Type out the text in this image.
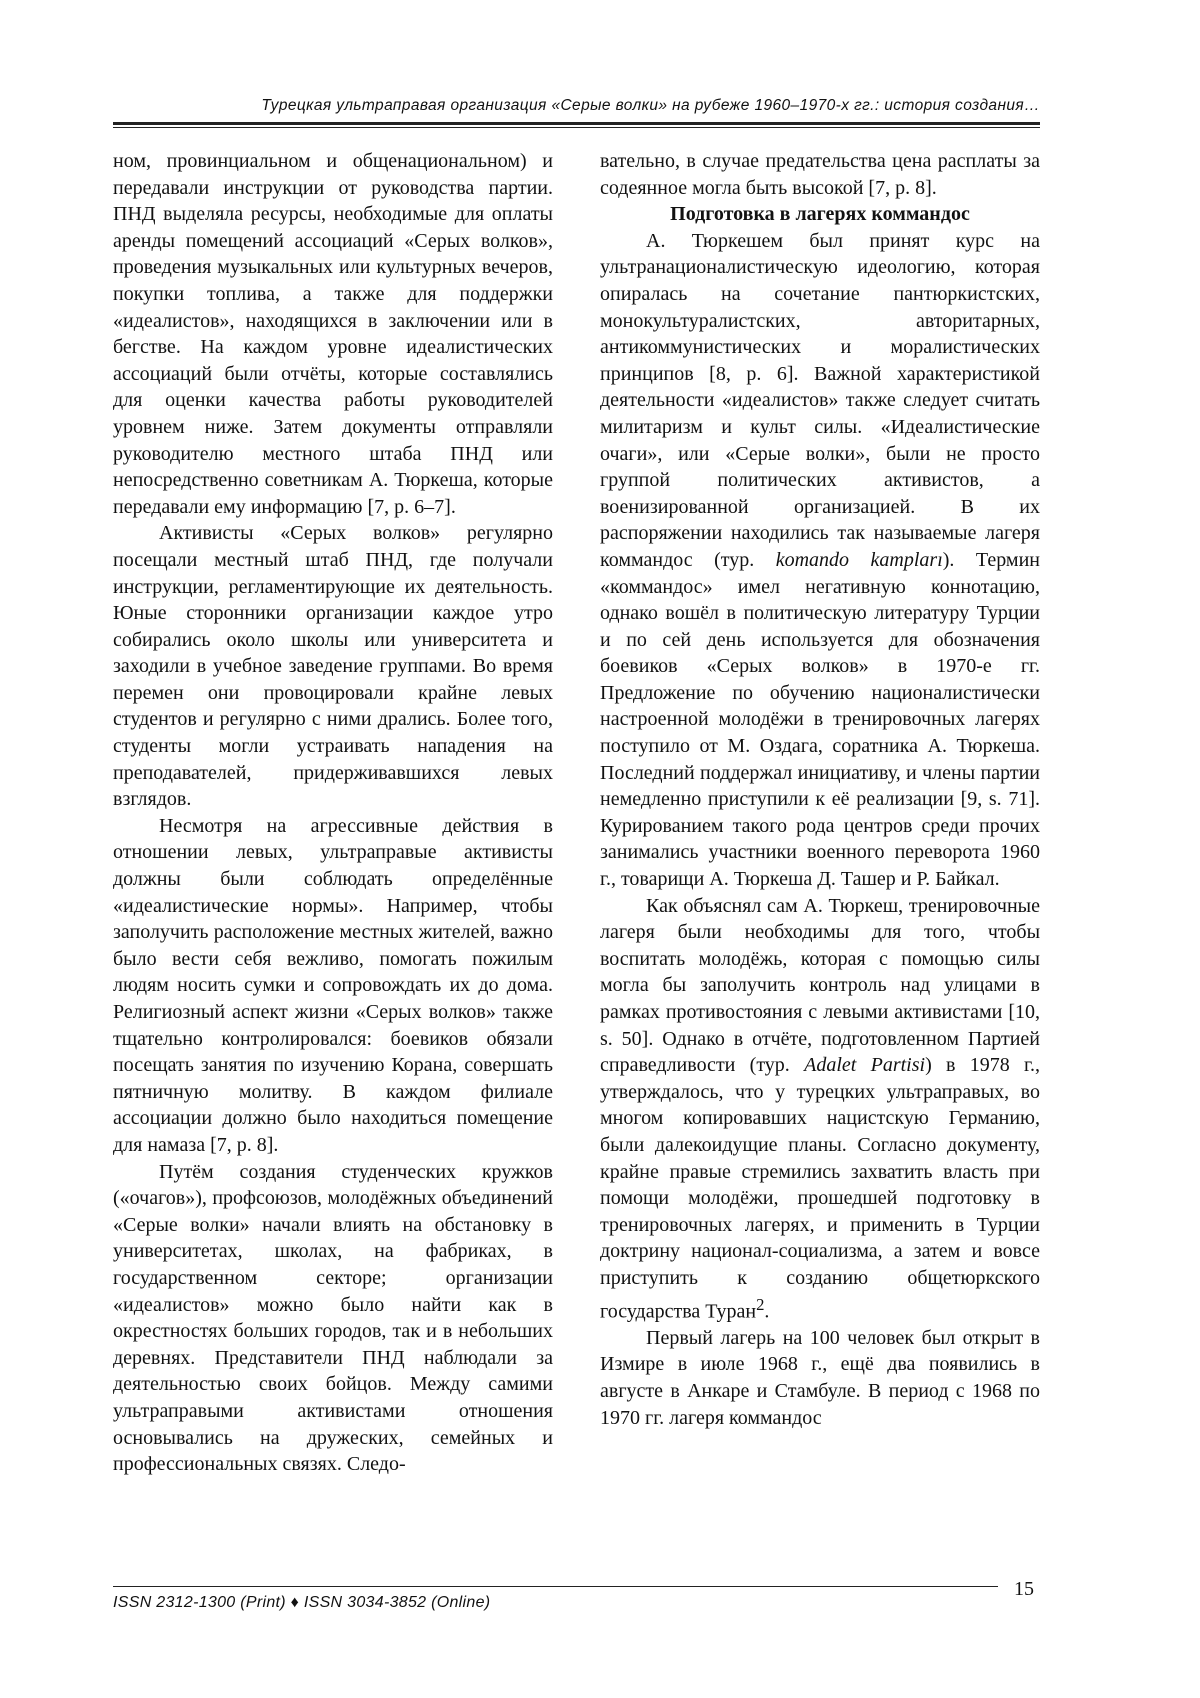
Турецкая ультраправая организация «Серые волки» на рубеже 1960–1970-х гг.: история создания…

ном, провинциальном и общенациональном) и передавали инструкции от руководства партии. ПНД выделяла ресурсы, необходимые для оплаты аренды помещений ассоциаций «Серых волков», проведения музыкальных или культурных вечеров, покупки топлива, а также для поддержки «идеалистов», находящихся в заключении или в бегстве. На каждом уровне идеалистических ассоциаций были отчёты, которые составлялись для оценки качества работы руководителей уровнем ниже. Затем документы отправляли руководителю местного штаба ПНД или непосредственно советникам А. Тюркеша, которые передавали ему информацию [7, p. 6–7].

Активисты «Серых волков» регулярно посещали местный штаб ПНД, где получали инструкции, регламентирующие их деятельность. Юные сторонники организации каждое утро собирались около школы или университета и заходили в учебное заведение группами. Во время перемен они провоцировали крайне левых студентов и регулярно с ними дрались. Более того, студенты могли устраивать нападения на преподавателей, придерживавшихся левых взглядов.

Несмотря на агрессивные действия в отношении левых, ультраправые активисты должны были соблюдать определённые «идеалистические нормы». Например, чтобы заполучить расположение местных жителей, важно было вести себя вежливо, помогать пожилым людям носить сумки и сопровождать их до дома. Религиозный аспект жизни «Серых волков» также тщательно контролировался: боевиков обязали посещать занятия по изучению Корана, совершать пятничную молитву. В каждом филиале ассоциации должно было находиться помещение для намаза [7, p. 8].

Путём создания студенческих кружков («очагов»), профсоюзов, молодёжных объединений «Серые волки» начали влиять на обстановку в университетах, школах, на фабриках, в государственном секторе; организации «идеалистов» можно было найти как в окрестностях больших городов, так и в небольших деревнях. Представители ПНД наблюдали за деятельностью своих бойцов. Между самими ультраправыми активистами отношения основывались на дружеских, семейных и профессиональных связях. Следо-

вательно, в случае предательства цена расплаты за содеянное могла быть высокой [7, p. 8].

Подготовка в лагерях коммандос

А. Тюркешем был принят курс на ультранационалистическую идеологию, которая опиралась на сочетание пантюркистских, монокультуралистских, авторитарных, антикоммунистических и моралистических принципов [8, p. 6]. Важной характеристикой деятельности «идеалистов» также следует считать милитаризм и культ силы. «Идеалистические очаги», или «Серые волки», были не просто группой политических активистов, а военизированной организацией. В их распоряжении находились так называемые лагеря коммандос (тур. komando kampları). Термин «коммандос» имел негативную коннотацию, однако вошёл в политическую литературу Турции и по сей день используется для обозначения боевиков «Серых волков» в 1970-е гг. Предложение по обучению националистически настроенной молодёжи в тренировочных лагерях поступило от М. Оздага, соратника А. Тюркеша. Последний поддержал инициативу, и члены партии немедленно приступили к её реализации [9, s. 71]. Курированием такого рода центров среди прочих занимались участники военного переворота 1960 г., товарищи А. Тюркеша Д. Ташер и Р. Байкал.

Как объяснял сам А. Тюркеш, тренировочные лагеря были необходимы для того, чтобы воспитать молодёжь, которая с помощью силы могла бы заполучить контроль над улицами в рамках противостояния с левыми активистами [10, s. 50]. Однако в отчёте, подготовленном Партией справедливости (тур. Adalet Partisi) в 1978 г., утверждалось, что у турецких ультраправых, во многом копировавших нацистскую Германию, были далекоидущие планы. Согласно документу, крайне правые стремились захватить власть при помощи молодёжи, прошедшей подготовку в тренировочных лагерях, и применить в Турции доктрину национал-социализма, а затем и вовсе приступить к созданию общетюркского государства Туран$^2$.

Первый лагерь на 100 человек был открыт в Измире в июле 1968 г., ещё два появились в августе в Анкаре и Стамбуле. В период с 1968 по 1970 гг. лагеря коммандос

ISSN 2312-1300 (Print) ♦ ISSN 3034-3852 (Online)
15
